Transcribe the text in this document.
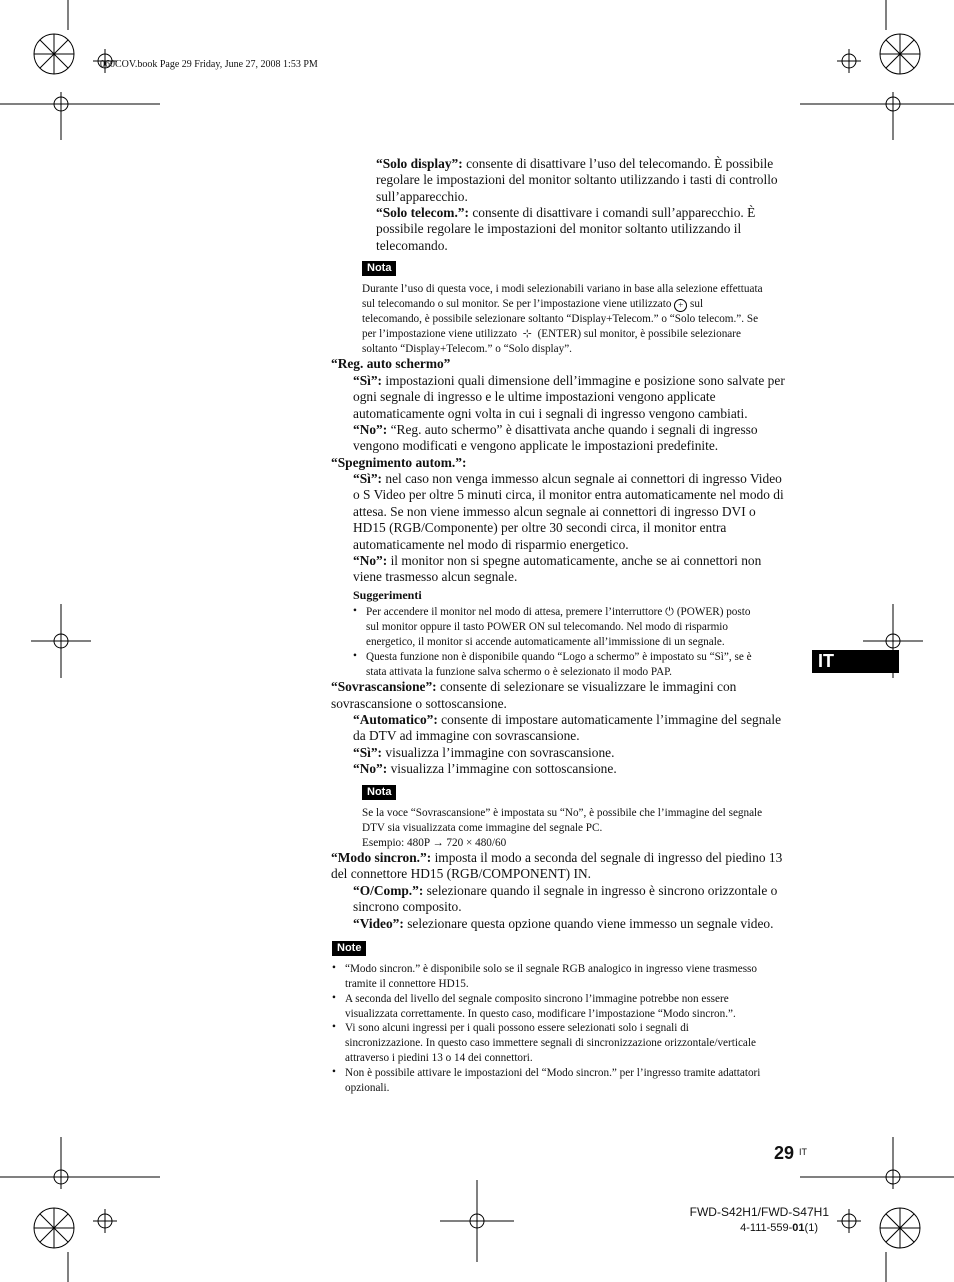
060COV.book Page 29 Friday, June 27, 2008 1:53 PM

“Solo display”: consente di disattivare l’uso del telecomando. È possibile

regolare le impostazioni del monitor soltanto utilizzando i tasti di controllo

sull’apparecchio.

“Solo telecom.”: consente di disattivare i comandi sull’apparecchio. È

possibile regolare le impostazioni del monitor soltanto utilizzando il

telecomando.

Nota

Durante l’uso di questa voce, i modi selezionabili variano in base alla selezione effettuata

sul telecomando o sul monitor. Se per l’impostazione viene utilizzato + sul

telecomando, è possibile selezionare soltanto “Display+Telecom.” o “Solo telecom.”. Se

per l’impostazione viene utilizzato ⊹ (ENTER) sul monitor, è possibile selezionare

soltanto “Display+Telecom.” o “Solo display”.

“Reg. auto schermo”

“Sì”: impostazioni quali dimensione dell’immagine e posizione sono salvate per

ogni segnale di ingresso e le ultime impostazioni vengono applicate

automaticamente ogni volta in cui i segnali di ingresso vengono cambiati.

“No”: “Reg. auto schermo” è disattivata anche quando i segnali di ingresso

vengono modificati e vengono applicate le impostazioni predefinite.

“Spegnimento autom.”:

“Sì”: nel caso non venga immesso alcun segnale ai connettori di ingresso Video

o S Video per oltre 5 minuti circa, il monitor entra automaticamente nel modo di

attesa. Se non viene immesso alcun segnale ai connettori di ingresso DVI o

HD15 (RGB/Componente) per oltre 30 secondi circa, il monitor entra

automaticamente nel modo di risparmio energetico.

“No”: il monitor non si spegne automaticamente, anche se ai connettori non

viene trasmesso alcun segnale.

Suggerimenti

• Per accendere il monitor nel modo di attesa, premere l’interruttore ⏻ (POWER) posto

sul monitor oppure il tasto POWER ON sul telecomando. Nel modo di risparmio

energetico, il monitor si accende automaticamente all’immissione di un segnale.

• Questa funzione non è disponibile quando “Logo a schermo” è impostato su “Sì”, se è

stata attivata la funzione salva schermo o è selezionato il modo PAP.

“Sovrascansione”: consente di selezionare se visualizzare le immagini con

sovrascansione o sottoscansione.

“Automatico”: consente di impostare automaticamente l’immagine del segnale

da DTV ad immagine con sovrascansione.

“Sì”: visualizza l’immagine con sovrascansione.

“No”: visualizza l’immagine con sottoscansione.

Nota

Se la voce “Sovrascansione” è impostata su “No”, è possibile che l’immagine del segnale

DTV sia visualizzata come immagine del segnale PC.

Esempio: 480P → 720 × 480/60

“Modo sincron.”: imposta il modo a seconda del segnale di ingresso del piedino 13

del connettore HD15 (RGB/COMPONENT) IN.

“O/Comp.”: selezionare quando il segnale in ingresso è sincrono orizzontale o

sincrono composito.

“Video”: selezionare questa opzione quando viene immesso un segnale video.

Note
• “Modo sincron.” è disponibile solo se il segnale RGB analogico in ingresso viene trasmesso

tramite il connettore HD15.

• A seconda del livello del segnale composito sincrono l’immagine potrebbe non essere

visualizzata correttamente. In questo caso, modificare l’impostazione “Modo sincron.”.

• Vi sono alcuni ingressi per i quali possono essere selezionati solo i segnali di

sincronizzazione. In questo caso immettere segnali di sincronizzazione orizzontale/verticale

attraverso i piedini 13 o 14 dei connettori.

• Non è possibile attivare le impostazioni del “Modo sincron.” per l’ingresso tramite adattatori

opzionali.

IT
29 IT
FWD-S42H1/FWD-S47H1
4-111-559-01(1)
